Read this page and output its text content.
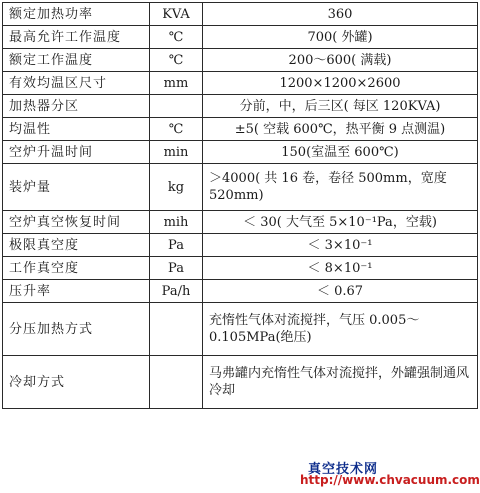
额定加热功率	KVA	360
最高允许工作温度	℃	700( 外罐)
额定工作温度	℃	200～600( 满载)
有效均温区尺寸	mm	1200×1200×2600
加热器分区		分前，中，后三区( 每区 120KVA)
均温性	℃	±5( 空载 600℃，热平衡 9 点测温)
空炉升温时间	min	150(室温至 600℃)
装炉量	kg	＞4000( 共 16 卷，卷径 500mm，宽度 520mm)
空炉真空恢复时间	mih	＜ 30( 大气至 5×10⁻¹Pa，空载)
极限真空度	Pa	＜ 3×10⁻¹
工作真空度	Pa	＜ 8×10⁻¹
压升率	Pa/h	＜ 0.67
分压加热方式		充惰性气体对流搅拌，气压 0.005～0.105MPa(绝压)
冷却方式		马弗罐内充惰性气体对流搅拌，外罐强制通风冷却
真空技术网
http://www.chvacuum.com
